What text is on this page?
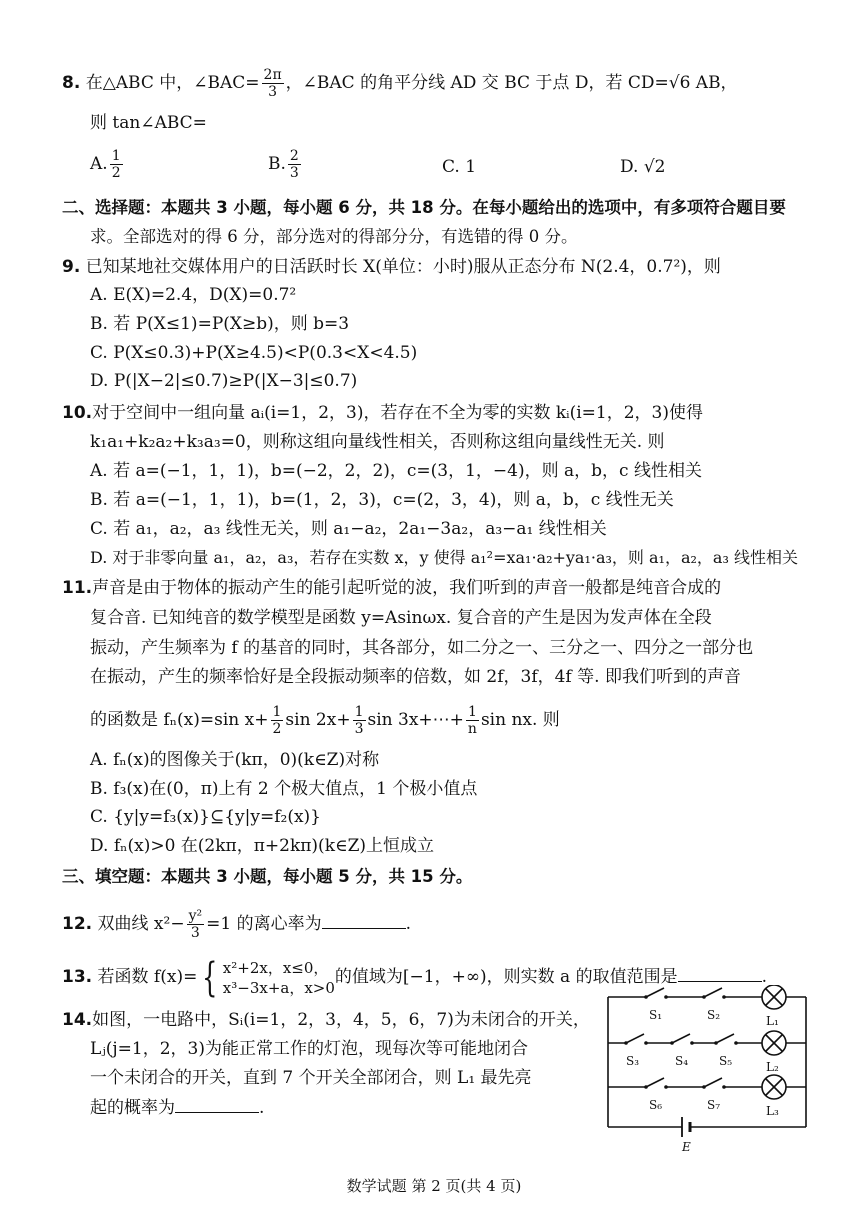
8. 在△ABC 中，∠BAC= $\frac{2\pi}{3}$ ，∠BAC 的角平分线 AD 交 BC 于点 D，若 CD=√6 AB，
则 tan∠ABC=
A. $\frac{1}{2}$	B. $\frac{2}{3}$	C. 1	D. √2
二、选择题：本题共 3 小题，每小题 6 分，共 18 分。在每小题给出的选项中，有多项符合题目要
求。全部选对的得 6 分，部分选对的得部分分，有选错的得 0 分。
9. 已知某地社交媒体用户的日活跃时长 X(单位：小时)服从正态分布 N(2.4，0.7²)，则
A. E(X)=2.4，D(X)=0.7²
B. 若 P(X≤1)=P(X≥b)，则 b=3
C. P(X≤0.3)+P(X≥4.5)<P(0.3<X<4.5)
D. P(|X−2|≤0.7)≥P(|X−3|≤0.7)
10.对于空间中一组向量 aᵢ(i=1，2，3)，若存在不全为零的实数 kᵢ(i=1，2，3)使得
k₁a₁+k₂a₂+k₃a₃=0，则称这组向量线性相关，否则称这组向量线性无关. 则
A. 若 a=(−1，1，1)，b=(−2，2，2)，c=(3，1，−4)，则 a，b，c 线性相关
B. 若 a=(−1，1，1)，b=(1，2，3)，c=(2，3，4)，则 a，b，c 线性无关
C. 若 a₁，a₂，a₃ 线性无关，则 a₁−a₂，2a₁−3a₂，a₃−a₁ 线性相关
D. 对于非零向量 a₁，a₂，a₃，若存在实数 x，y 使得 a₁²=xa₁·a₂+ya₁·a₃，则 a₁，a₂，a₃ 线性相关
11.声音是由于物体的振动产生的能引起听觉的波，我们听到的声音一般都是纯音合成的
复合音. 已知纯音的数学模型是函数 y=Asinωx. 复合音的产生是因为发声体在全段
振动，产生频率为 f 的基音的同时，其各部分，如二分之一、三分之一、四分之一部分也
在振动，产生的频率恰好是全段振动频率的倍数，如 2f，3f，4f 等. 即我们听到的声音
的函数是 fₙ(x)=sin $x+ \frac{1}{2}$ $\sin 2x+ \frac{1}{3}$ sin 3x+⋯+ $\frac{1}{n}$ sin nx. 则
A. fₙ(x)的图像关于(kπ，0)(k∈Z)对称
B. f₃(x)在(0，π)上有 2 个极大值点，1 个极小值点
C. {y|y=f₃(x)}⊆{y|y=f₂(x)}
D. fₙ(x)>0 在(2kπ，π+2kπ)(k∈Z)上恒成立
三、填空题：本题共 3 小题，每小题 5 分，共 15 分。
12. 双曲线 $x^2- \frac{\text{y²}}{3} =1$ 的离心率为	.
13. 若函数 f(x)= { x²+2x，x≤0，
x³−3x+a，x>0
的值域为[−1，+∞)，则实数 a 的取值范围是	.
14.如图，一电路中，Sᵢ(i=1，2，3，4，5，6，7)为未闭合的开关，
Lⱼ(j=1，2，3)为能正常工作的灯泡，现每次等可能地闭合
一个未闭合的开关，直到 7 个开关全部闭合，则 L₁ 最先亮
起的概率为	.
S₁	S₂
S₃	S₄	S₅
S₆	S₇
L₁
L₂
L₃
E
数学试题 第 2 页(共 4 页)
